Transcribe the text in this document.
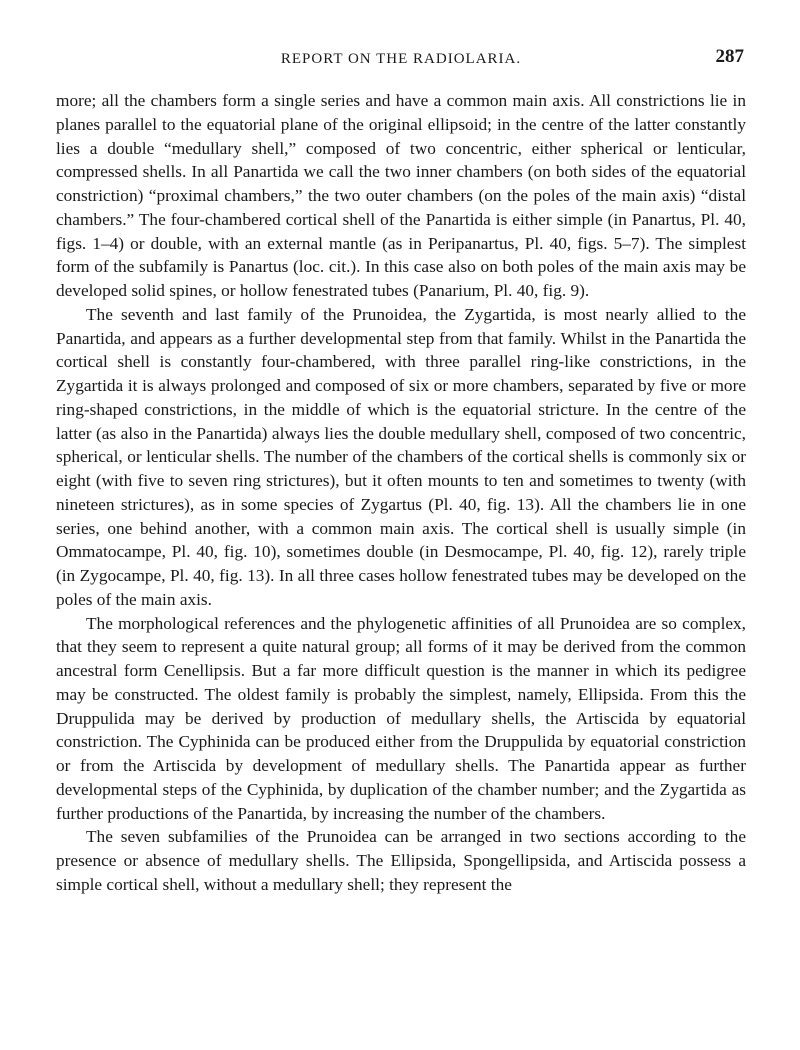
REPORT ON THE RADIOLARIA.	287

more; all the chambers form a single series and have a common main axis. All constrictions lie in planes parallel to the equatorial plane of the original ellipsoid; in the centre of the latter constantly lies a double “medullary shell,” composed of two concentric, either spherical or lenticular, compressed shells. In all Panartida we call the two inner chambers (on both sides of the equatorial constriction) “proximal chambers,” the two outer chambers (on the poles of the main axis) “distal chambers.” The four-chambered cortical shell of the Panartida is either simple (in Panartus, Pl. 40, figs. 1–4) or double, with an external mantle (as in Peripanartus, Pl. 40, figs. 5–7). The simplest form of the subfamily is Panartus (loc. cit.). In this case also on both poles of the main axis may be developed solid spines, or hollow fenestrated tubes (Panarium, Pl. 40, fig. 9).

The seventh and last family of the Prunoidea, the Zygartida, is most nearly allied to the Panartida, and appears as a further developmental step from that family. Whilst in the Panartida the cortical shell is constantly four-chambered, with three parallel ring-like constrictions, in the Zygartida it is always prolonged and composed of six or more chambers, separated by five or more ring-shaped constrictions, in the middle of which is the equatorial stricture. In the centre of the latter (as also in the Panartida) always lies the double medullary shell, composed of two concentric, spherical, or lenticular shells. The number of the chambers of the cortical shells is commonly six or eight (with five to seven ring strictures), but it often mounts to ten and sometimes to twenty (with nineteen strictures), as in some species of Zygartus (Pl. 40, fig. 13). All the chambers lie in one series, one behind another, with a common main axis. The cortical shell is usually simple (in Ommatocampe, Pl. 40, fig. 10), sometimes double (in Desmocampe, Pl. 40, fig. 12), rarely triple (in Zygocampe, Pl. 40, fig. 13). In all three cases hollow fenestrated tubes may be developed on the poles of the main axis.

The morphological references and the phylogenetic affinities of all Prunoidea are so complex, that they seem to represent a quite natural group; all forms of it may be derived from the common ancestral form Cenellipsis. But a far more difficult question is the manner in which its pedigree may be constructed. The oldest family is probably the simplest, namely, Ellipsida. From this the Druppulida may be derived by production of medullary shells, the Artiscida by equatorial constriction. The Cyphinida can be produced either from the Druppulida by equatorial constriction or from the Artiscida by development of medullary shells. The Panartida appear as further developmental steps of the Cyphinida, by duplication of the chamber number; and the Zygartida as further productions of the Panartida, by increasing the number of the chambers.

The seven subfamilies of the Prunoidea can be arranged in two sections according to the presence or absence of medullary shells. The Ellipsida, Spongellipsida, and Artiscida possess a simple cortical shell, without a medullary shell; they represent the
